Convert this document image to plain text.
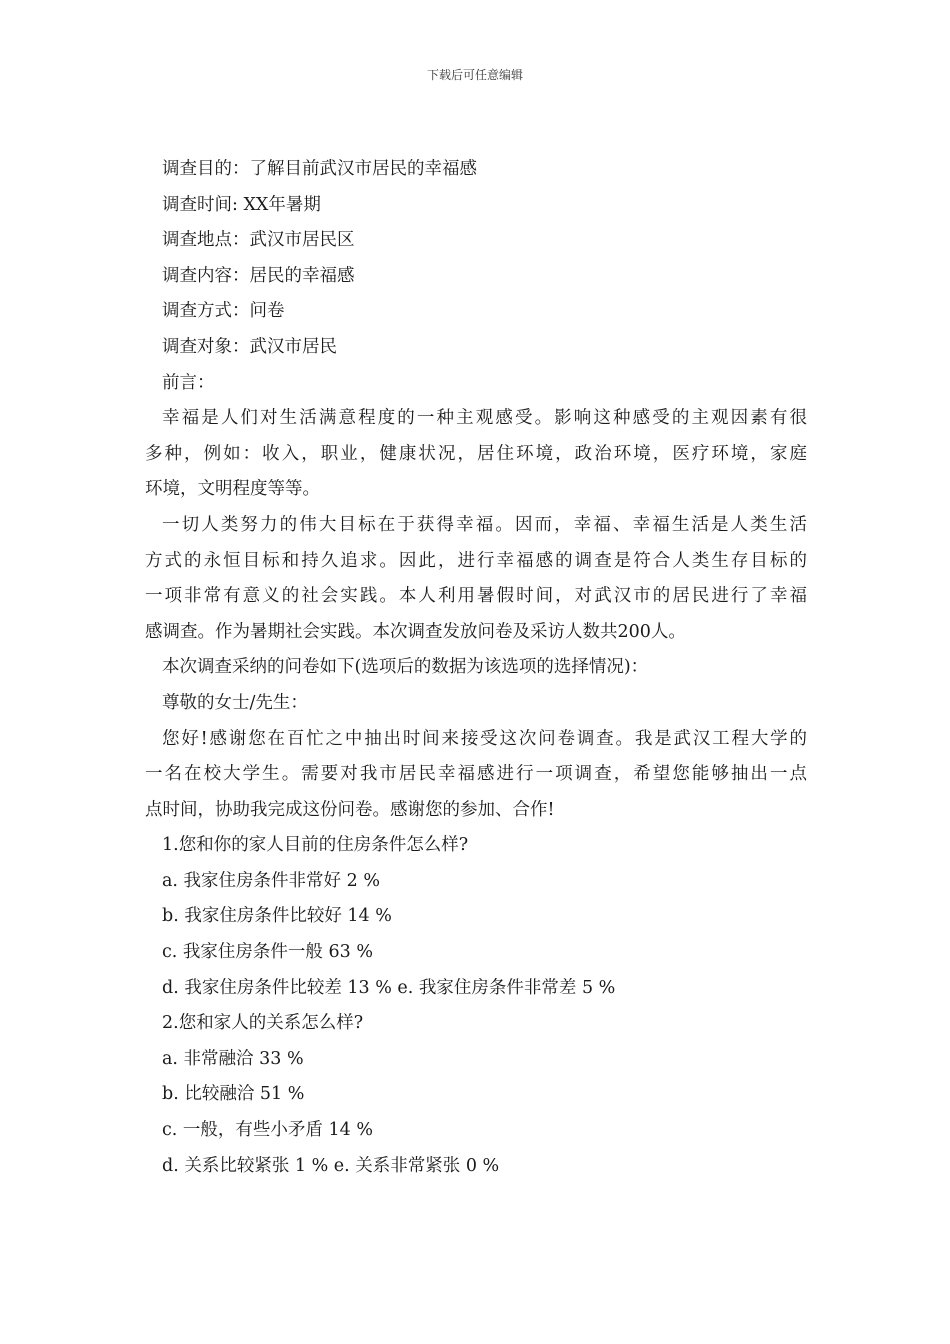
下载后可任意编辑
调查目的：了解目前武汉市居民的幸福感
调查时间: XX年暑期
调查地点：武汉市居民区
调查内容：居民的幸福感
调查方式：问卷
调查对象：武汉市居民
前言：
幸福是人们对生活满意程度的一种主观感受。影响这种感受的主观因素有很
多种，例如：收入，职业，健康状况，居住环境，政治环境，医疗环境，家庭
环境，文明程度等等。
一切人类努力的伟大目标在于获得幸福。因而，幸福、幸福生活是人类生活
方式的永恒目标和持久追求。因此，进行幸福感的调查是符合人类生存目标的
一项非常有意义的社会实践。本人利用暑假时间，对武汉市的居民进行了幸福
感调查。作为暑期社会实践。本次调查发放问卷及采访人数共200人。
本次调查采纳的问卷如下(选项后的数据为该选项的选择情况)：
尊敬的女士/先生：
您好!感谢您在百忙之中抽出时间来接受这次问卷调查。我是武汉工程大学的
一名在校大学生。需要对我市居民幸福感进行一项调查，希望您能够抽出一点
点时间，协助我完成这份问卷。感谢您的参加、合作!
1.您和你的家人目前的住房条件怎么样?
a. 我家住房条件非常好 2 %
b. 我家住房条件比较好 14 %
c. 我家住房条件一般 63 %
d. 我家住房条件比较差 13 % e. 我家住房条件非常差 5 %
2.您和家人的关系怎么样?
a. 非常融洽 33 %
b. 比较融洽 51 %
c. 一般，有些小矛盾 14 %
d. 关系比较紧张 1 % e. 关系非常紧张 0 %
